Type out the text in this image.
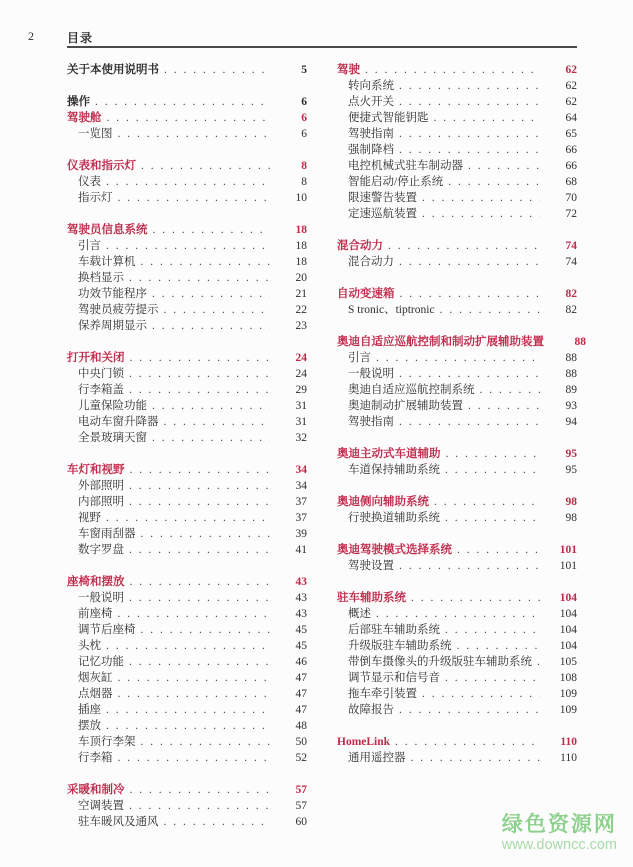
2	目录
关于本使用说明书 . . .	5
操作 . . .	6
驾驶舱 . . .	6
一览图 . . .	6
仪表和指示灯 . . .	8
仪表 . . .	8
指示灯 . . .	10
驾驶员信息系统 . . .	18
引言 . . .	18
车载计算机 . . .	18
换档显示 . . .	20
功效节能程序 . . .	21
驾驶员疲劳提示 . . .	22
保养周期显示 . . .	23
打开和关闭 . . .	24
中央门锁 . . .	24
行李箱盖 . . .	29
儿童保险功能 . . .	31
电动车窗升降器 . . .	31
全景玻璃天窗 . . .	32
车灯和视野 . . .	34
外部照明 . . .	34
内部照明 . . .	37
视野 . . .	37
车窗雨刮器 . . .	39
数字罗盘 . . .	41
座椅和摆放 . . .	43
一般说明 . . .	43
前座椅 . . .	43
调节后座椅 . . .	45
头枕 . . .	45
记忆功能 . . .	46
烟灰缸 . . .	47
点烟器 . . .	47
插座 . . .	47
摆放 . . .	48
车顶行李架 . . .	50
行李箱 . . .	52
采暖和制冷 . . .	57
空调装置 . . .	57
驻车暖风及通风 . . .	60
驾驶 . . .	62
转向系统 . . .	62
点火开关 . . .	62
便捷式智能钥匙 . . .	64
驾驶指南 . . .	65
强制降档 . . .	66
电控机械式驻车制动器 . . .	66
智能启动/停止系统 . . .	68
限速警告装置 . . .	70
定速巡航装置 . . .	72
混合动力 . . .	74
混合动力 . . .	74
自动变速箱 . . .	82
S tronic、tiptronic . . .	82
奥迪自适应巡航控制和制动扩展辅助装置	88
引言 . . .	88
一般说明 . . .	88
奥迪自适应巡航控制系统 . . .	89
奥迪制动扩展辅助装置 . . .	93
驾驶指南 . . .	94
奥迪主动式车道辅助 . . .	95
车道保持辅助系统 . . .	95
奥迪侧向辅助系统 . . .	98
行驶换道辅助系统 . . .	98
奥迪驾驶模式选择系统 . . .	101
驾驶设置 . . .	101
驻车辅助系统 . . .	104
概述 . . .	104
后部驻车辅助系统 . . .	104
升级版驻车辅助系统 . . .	104
带倒车摄像头的升级版驻车辅助系统 . . .	105
调节显示和信号音 . . .	108
拖车牵引装置 . . .	109
故障报告 . . .	109
HomeLink . . .	110
通用遥控器 . . .	110
绿色资源网
www.downcc.com
